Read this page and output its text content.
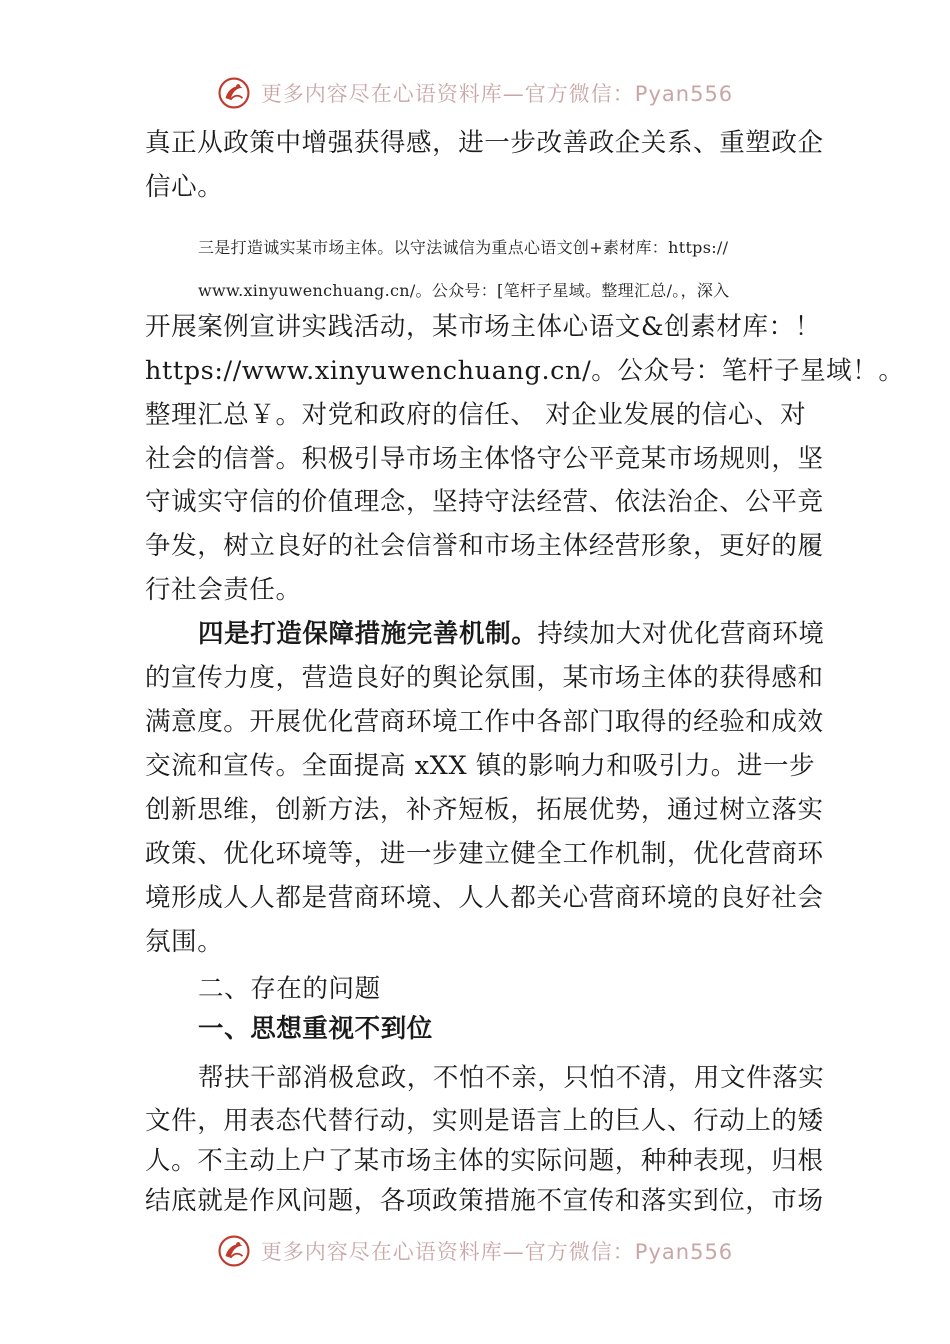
更多内容尽在心语资料库—官方微信：Pyan556
真正从政策中增强获得感，进一步改善政企关系、重塑政企
信心。
三是打造诚实某市场主体。以守法诚信为重点心语文创+素材库：https://
www.xinyuwenchuang.cn/。公众号：[笔杆子星域。整理汇总/。，深入
开展案例宣讲实践活动，某市场主体心语文&创素材库：！
https://www.xinyuwenchuang.cn/。公众号：笔杆子星域！。
整理汇总￥。对党和政府的信任、 对企业发展的信心、对
社会的信誉。积极引导市场主体恪守公平竞某市场规则，坚
守诚实守信的价值理念，坚持守法经营、依法治企、公平竞
争发，树立良好的社会信誉和市场主体经营形象，更好的履
行社会责任。
四是打造保障措施完善机制。持续加大对优化营商环境
的宣传力度，营造良好的舆论氛围，某市场主体的获得感和
满意度。开展优化营商环境工作中各部门取得的经验和成效
交流和宣传。全面提高 xXX 镇的影响力和吸引力。进一步
创新思维，创新方法，补齐短板，拓展优势，通过树立落实
政策、优化环境等，进一步建立健全工作机制，优化营商环
境形成人人都是营商环境、人人都关心营商环境的良好社会
氛围。
二、存在的问题
一、思想重视不到位
帮扶干部消极怠政，不怕不亲，只怕不清，用文件落实
文件，用表态代替行动，实则是语言上的巨人、行动上的矮
人。不主动上户了某市场主体的实际问题，种种表现，归根
结底就是作风问题，各项政策措施不宣传和落实到位，市场
更多内容尽在心语资料库—官方微信：Pyan556
